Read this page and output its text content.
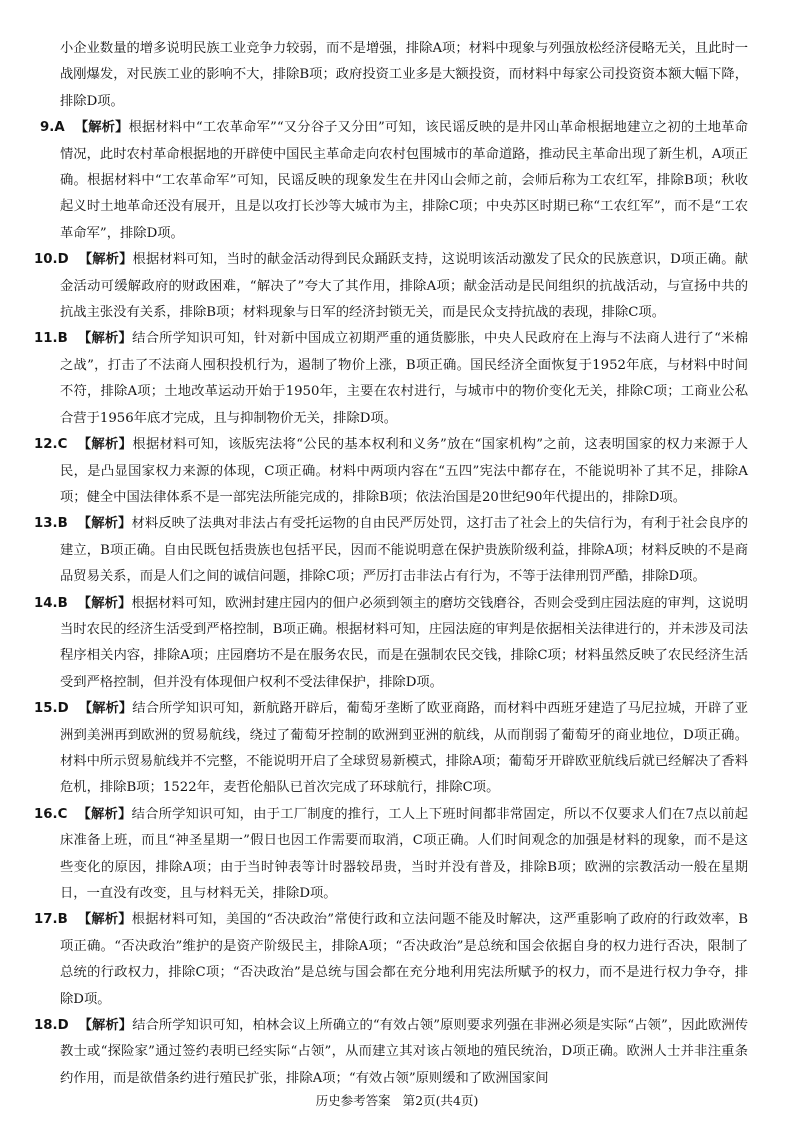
小企业数量的增多说明民族工业竞争力较弱，而不是增强，排除A项；材料中现象与列强放松经济侵略无关，且此时一战刚爆发，对民族工业的影响不大，排除B项；政府投资工业多是大额投资，而材料中每家公司投资资本额大幅下降，排除D项。

9.A 【解析】根据材料中“工农革命军”“又分谷子又分田”可知，该民谣反映的是井冈山革命根据地建立之初的土地革命情况，此时农村革命根据地的开辟使中国民主革命走向农村包围城市的革命道路，推动民主革命出现了新生机，A项正确。根据材料中“工农革命军”可知，民谣反映的现象发生在井冈山会师之前，会师后称为工农红军，排除B项；秋收起义时土地革命还没有展开，且是以攻打长沙等大城市为主，排除C项；中央苏区时期已称“工农红军”，而不是“工农革命军”，排除D项。

10.D 【解析】根据材料可知，当时的献金活动得到民众踊跃支持，这说明该活动激发了民众的民族意识，D项正确。献金活动可缓解政府的财政困难，“解决了”夸大了其作用，排除A项；献金活动是民间组织的抗战活动，与宣扬中共的抗战主张没有关系，排除B项；材料现象与日军的经济封锁无关，而是民众支持抗战的表现，排除C项。

11.B 【解析】结合所学知识可知，针对新中国成立初期严重的通货膨胀，中央人民政府在上海与不法商人进行了“米棉之战”，打击了不法商人囤积投机行为，遏制了物价上涨，B项正确。国民经济全面恢复于1952年底，与材料中时间不符，排除A项；土地改革运动开始于1950年，主要在农村进行，与城市中的物价变化无关，排除C项；工商业公私合营于1956年底才完成，且与抑制物价无关，排除D项。

12.C 【解析】根据材料可知，该版宪法将“公民的基本权利和义务”放在“国家机构”之前，这表明国家的权力来源于人民，是凸显国家权力来源的体现，C项正确。材料中两项内容在“五四”宪法中都存在，不能说明补了其不足，排除A项；健全中国法律体系不是一部宪法所能完成的，排除B项；依法治国是20世纪90年代提出的，排除D项。

13.B 【解析】材料反映了法典对非法占有受托运物的自由民严厉处罚，这打击了社会上的失信行为，有利于社会良序的建立，B项正确。自由民既包括贵族也包括平民，因而不能说明意在保护贵族阶级利益，排除A项；材料反映的不是商品贸易关系，而是人们之间的诚信问题，排除C项；严厉打击非法占有行为，不等于法律刑罚严酷，排除D项。

14.B 【解析】根据材料可知，欧洲封建庄园内的佃户必须到领主的磨坊交钱磨谷，否则会受到庄园法庭的审判，这说明当时农民的经济生活受到严格控制，B项正确。根据材料可知，庄园法庭的审判是依据相关法律进行的，并未涉及司法程序相关内容，排除A项；庄园磨坊不是在服务农民，而是在强制农民交钱，排除C项；材料虽然反映了农民经济生活受到严格控制，但并没有体现佃户权利不受法律保护，排除D项。

15.D 【解析】结合所学知识可知，新航路开辟后，葡萄牙垄断了欧亚商路，而材料中西班牙建造了马尼拉城，开辟了亚洲到美洲再到欧洲的贸易航线，绕过了葡萄牙控制的欧洲到亚洲的航线，从而削弱了葡萄牙的商业地位，D项正确。材料中所示贸易航线并不完整，不能说明开启了全球贸易新模式，排除A项；葡萄牙开辟欧亚航线后就已经解决了香料危机，排除B项；1522年，麦哲伦船队已首次完成了环球航行，排除C项。

16.C 【解析】结合所学知识可知，由于工厂制度的推行，工人上下班时间都非常固定，所以不仅要求人们在7点以前起床准备上班，而且“神圣星期一”假日也因工作需要而取消，C项正确。人们时间观念的加强是材料的现象，而不是这些变化的原因，排除A项；由于当时钟表等计时器较昂贵，当时并没有普及，排除B项；欧洲的宗教活动一般在星期日，一直没有改变，且与材料无关，排除D项。

17.B 【解析】根据材料可知，美国的“否决政治”常使行政和立法问题不能及时解决，这严重影响了政府的行政效率，B项正确。“否决政治”维护的是资产阶级民主，排除A项；“否决政治”是总统和国会依据自身的权力进行否决，限制了总统的行政权力，排除C项；“否决政治”是总统与国会都在充分地利用宪法所赋予的权力，而不是进行权力争夺，排除D项。

18.D 【解析】结合所学知识可知，柏林会议上所确立的“有效占领”原则要求列强在非洲必须是实际“占领”，因此欧洲传教士或“探险家”通过签约表明已经实际“占领”，从而建立其对该占领地的殖民统治，D项正确。欧洲人士并非注重条约作用，而是欲借条约进行殖民扩张，排除A项；“有效占领”原则缓和了欧洲国家间

历史参考答案 第2页(共4页)
